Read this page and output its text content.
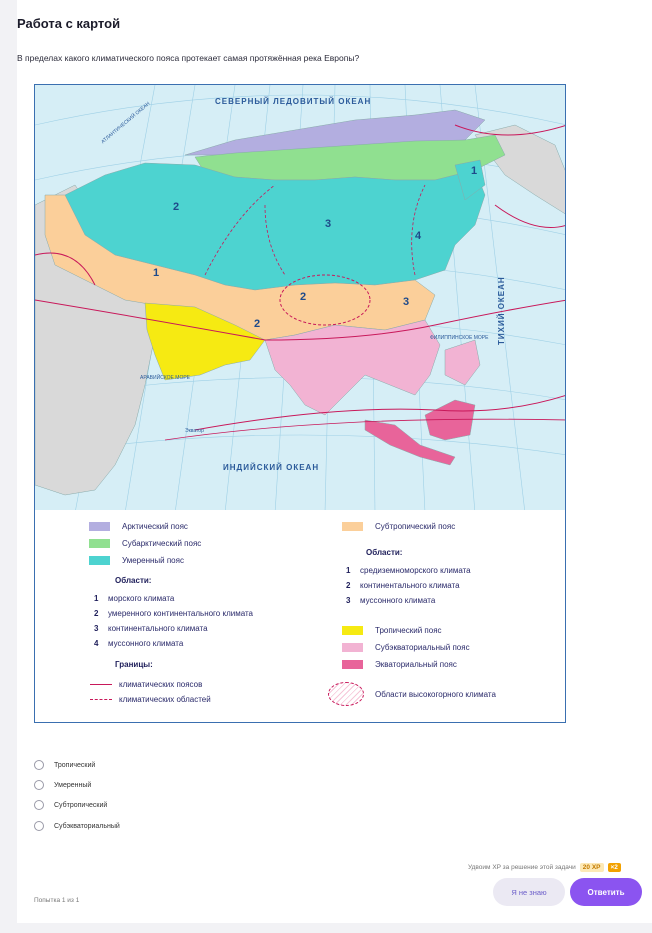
Работа с картой
В пределах какого климатического пояса протекает самая протяжённая река Европы?
СЕВЕРНЫЙ ЛЕДОВИТЫЙ ОКЕАН
ИНДИЙСКИЙ ОКЕАН
ТИХИЙ ОКЕАН
АРАВИЙСКОЕ МОРЕ
ФИЛИППИНСКОЕ МОРЕ
Экватор
АТЛАНТИЧЕСКИЙ ОКЕАН
1
2
3
4
1
2	3
2
Арктический пояс
Субарктический пояс
Умеренный пояс
Области:
1 морского климата
2 умеренного континентального климата
3 континентального климата
4 муссонного климата
Границы:
климатических поясов
климатических областей
Субтропический пояс
Области:
1 средиземноморского климата
2 континентального климата
3 муссонного климата
Тропический пояс
Субэкваториальный пояс
Экваториальный пояс
Области высокогорного климата
Тропический
Умеренный
Субтропический
Субэкваториальный
Удвоим XP за решение этой задачи	20 XP	×2
Попытка 1 из 1
Я не знаю	Ответить
